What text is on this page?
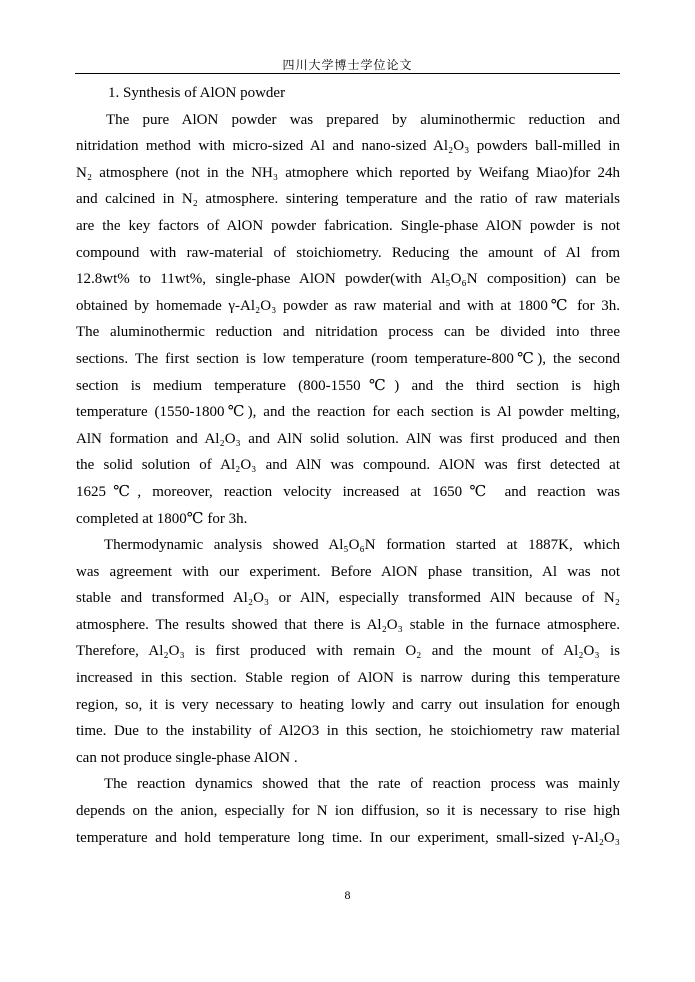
四川大学博士学位论文
1. Synthesis of AlON powder
The pure AlON powder was prepared by aluminothermic reduction and
nitridation method with micro-sized Al and nano-sized Al₂O₃ powders ball-milled in
N₂ atmosphere (not in the NH₃ atmophere which reported by Weifang Miao)for 24h
and calcined in N₂ atmosphere. sintering temperature and the ratio of raw materials
are the key factors of AlON powder fabrication. Single-phase AlON powder is not
compound with raw-material of stoichiometry. Reducing the amount of Al from
12.8wt% to 11wt%, single-phase AlON powder(with Al₅O₆N composition) can be
obtained by homemade γ-Al₂O₃ powder as raw material and with at 1800℃ for 3h.
The aluminothermic reduction and nitridation process can be divided into three
sections. The first section is low temperature (room temperature-800℃), the second
section is medium temperature (800-1550℃) and the third section is high
temperature (1550-1800℃), and the reaction for each section is Al powder melting,
AlN formation and Al₂O₃ and AlN solid solution. AlN was first produced and then
the solid solution of Al₂O₃ and AlN was compound. AlON was first detected at
1625℃, moreover, reaction velocity increased at 1650℃ and reaction was
completed at 1800℃ for 3h.
Thermodynamic analysis showed Al₅O₆N formation started at 1887K, which
was agreement with our experiment. Before AlON phase transition, Al was not
stable and transformed Al₂O₃ or AlN, especially transformed AlN because of N₂
atmosphere. The results showed that there is Al₂O₃ stable in the furnace atmosphere.
Therefore, Al₂O₃ is first produced with remain O₂ and the mount of Al₂O₃ is
increased in this section. Stable region of AlON is narrow during this temperature
region, so, it is very necessary to heating lowly and carry out insulation for enough
time. Due to the instability of Al2O3 in this section, he stoichiometry raw material
can not produce single-phase AlON .
The reaction dynamics showed that the rate of reaction process was mainly
depends on the anion, especially for N ion diffusion, so it is necessary to rise high
temperature and hold temperature long time. In our experiment, small-sized γ-Al₂O₃
8
